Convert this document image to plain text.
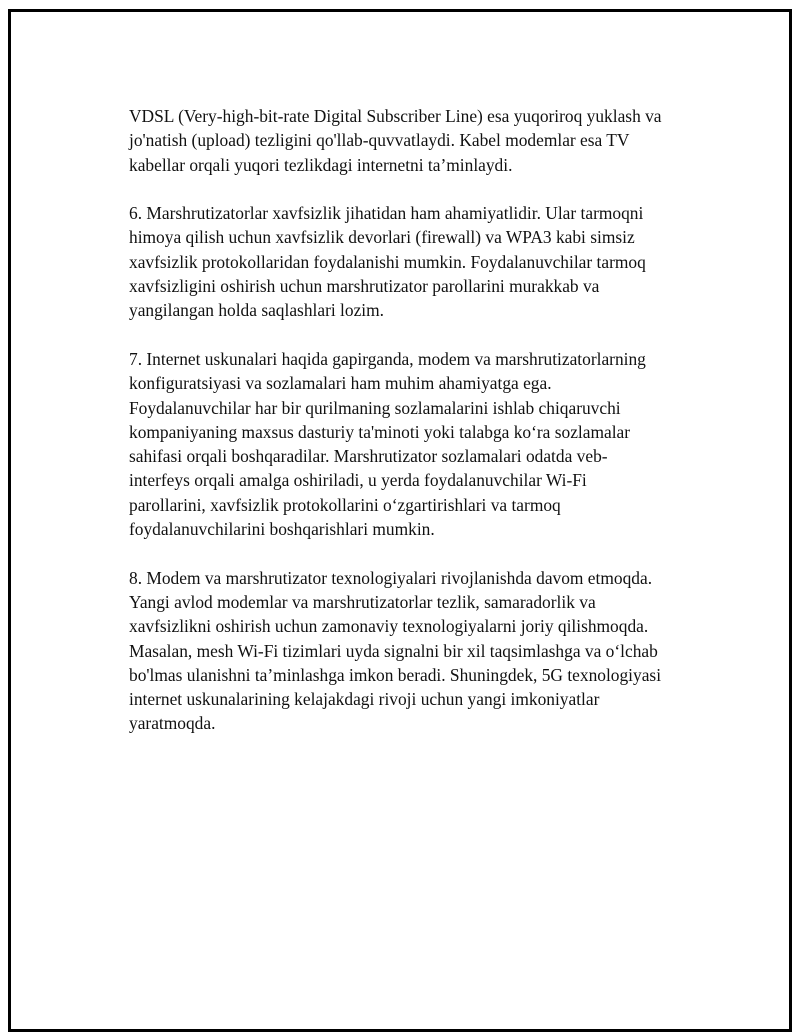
VDSL (Very-high-bit-rate Digital Subscriber Line) esa yuqoriroq yuklash va
jo'natish (upload) tezligini qo'llab-quvvatlaydi. Kabel modemlar esa TV
kabellar orqali yuqori tezlikdagi internetni ta’minlaydi.

6. Marshrutizatorlar xavfsizlik jihatidan ham ahamiyatlidir. Ular tarmoqni
himoya qilish uchun xavfsizlik devorlari (firewall) va WPA3 kabi simsiz
xavfsizlik protokollaridan foydalanishi mumkin. Foydalanuvchilar tarmoq
xavfsizligini oshirish uchun marshrutizator parollarini murakkab va
yangilangan holda saqlashlari lozim.

7. Internet uskunalari haqida gapirganda, modem va marshrutizatorlarning
konfiguratsiyasi va sozlamalari ham muhim ahamiyatga ega.
Foydalanuvchilar har bir qurilmaning sozlamalarini ishlab chiqaruvchi
kompaniyaning maxsus dasturiy ta'minoti yoki talabga ko‘ra sozlamalar
sahifasi orqali boshqaradilar. Marshrutizator sozlamalari odatda veb-
interfeys orqali amalga oshiriladi, u yerda foydalanuvchilar Wi-Fi
parollarini, xavfsizlik protokollarini o‘zgartirishlari va tarmoq
foydalanuvchilarini boshqarishlari mumkin.

8. Modem va marshrutizator texnologiyalari rivojlanishda davom etmoqda.
Yangi avlod modemlar va marshrutizatorlar tezlik, samaradorlik va
xavfsizlikni oshirish uchun zamonaviy texnologiyalarni joriy qilishmoqda.
Masalan, mesh Wi-Fi tizimlari uyda signalni bir xil taqsimlashga va o‘lchab
bo'lmas ulanishni ta’minlashga imkon beradi. Shuningdek, 5G texnologiyasi
internet uskunalarining kelajakdagi rivoji uchun yangi imkoniyatlar
yaratmoqda.
